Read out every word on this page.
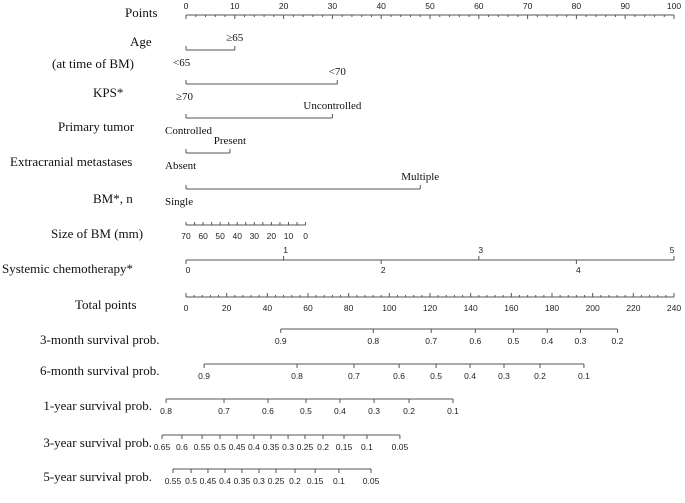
Points	0	10	20	30	40	50	60	70	80	90	100
Age
(at time of BM)	<65
≥65
KPS*	≥70
<70
Primary tumor	Controlled
Uncontrolled
Extracranial metastases	Absent
Present
BM*, n	Single
Multiple
Size of BM (mm)	70 60 50 40 30 20 10 0
Systemic chemotherapy*	0
1
2
3
4
5
Total points	0	20	40	60	80	100	120	140	160	180	200	220	240
3-month survival prob.	0.9	0.8	0.7	0.6	0.5	0.4	0.3	0.2
6-month survival prob.	0.9	0.8	0.7	0.6	0.5	0.4	0.3	0.2	0.1
1-year survival prob. 0.8	0.7	0.6	0.5	0.4	0.3	0.2	0.1
3-year survival prob. 0.65 0.6 0.55 0.5 0.45 0.4 0.35 0.3 0.25 0.2 0.15 0.1 0.05
5-year survival prob. 0.55 0.5 0.45 0.4 0.35 0.3 0.25 0.2 0.15 0.1 0.05
